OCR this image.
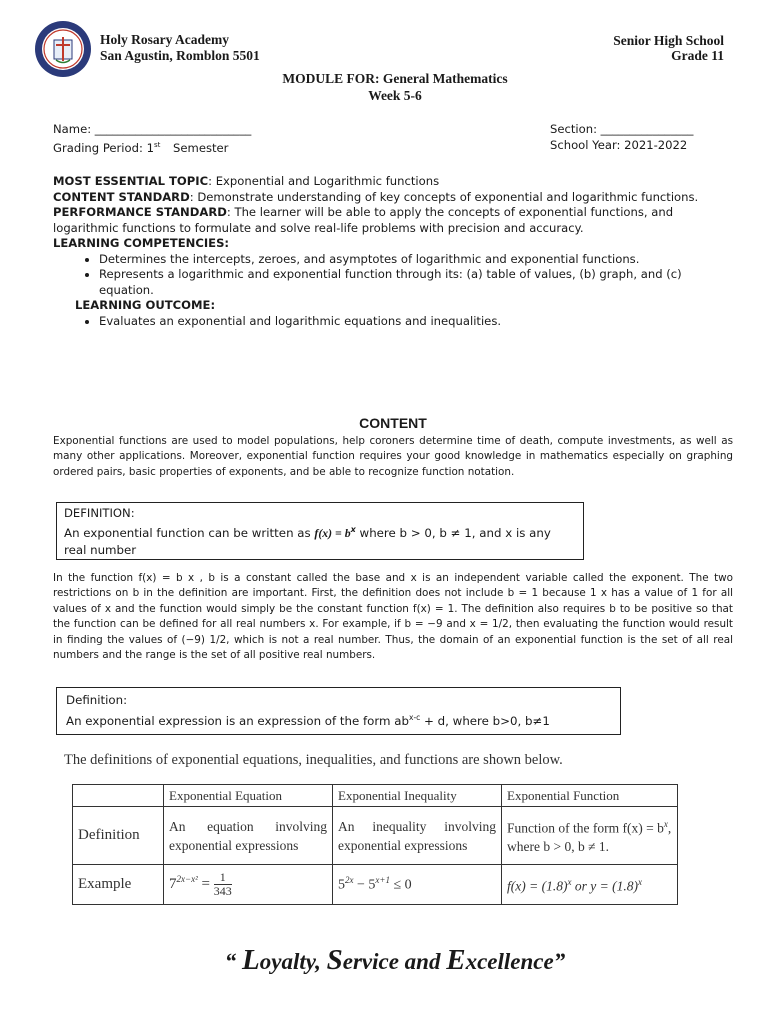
Holy Rosary Academy
San Agustin, Romblon 5501
Senior High School
Grade 11
MODULE FOR: General Mathematics
Week 5-6
Name: ___________________________
Grading Period: 1st Semester
Section: ________________
School Year: 2021-2022
MOST ESSENTIAL TOPIC: Exponential and Logarithmic functions
CONTENT STANDARD: Demonstrate understanding of key concepts of exponential and logarithmic functions.
PERFORMANCE STANDARD: The learner will be able to apply the concepts of exponential functions, and logarithmic functions to formulate and solve real-life problems with precision and accuracy.
LEARNING COMPETENCIES:
• Determines the intercepts, zeroes, and asymptotes of logarithmic and exponential functions.
• Represents a logarithmic and exponential function through its: (a) table of values, (b) graph, and (c) equation.
LEARNING OUTCOME:
• Evaluates an exponential and logarithmic equations and inequalities.
CONTENT
Exponential functions are used to model populations, help coroners determine time of death, compute investments, as well as many other applications. Moreover, exponential function requires your good knowledge in mathematics especially on graphing ordered pairs, basic properties of exponents, and be able to recognize function notation.
DEFINITION:
An exponential function can be written as $f(x) = b^x$ where b > 0, b ≠ 1, and x is any real number
In the function f(x) = b x , b is a constant called the base and x is an independent variable called the exponent. The two restrictions on b in the definition are important. First, the definition does not include b = 1 because 1 x has a value of 1 for all values of x and the function would simply be the constant function f(x) = 1. The definition also requires b to be positive so that the function can be defined for all real numbers x. For example, if b = −9 and x = 1/2, then evaluating the function would result in finding the values of (−9) 1/2, which is not a real number. Thus, the domain of an exponential function is the set of all real numbers and the range is the set of all positive real numbers.
Definition:
An exponential expression is an expression of the form $ab^{x-c} + d$, where b>0, b≠1
The definitions of exponential equations, inequalities, and functions are shown below.
	Exponential Equation	Exponential Inequality	Exponential Function
Definition	An equation involving exponential expressions	An inequality involving exponential expressions	Function of the form $f(x) = b^x$, where b > 0, b ≠ 1.
Example	$7^{2x-x^2} = \frac{1}{343}$	$5^{2x} - 5^{x+1} \le 0$	$f(x) = (1.8)^x$ or $y = (1.8)^x$
“ Loyalty, Service and Excellence”
